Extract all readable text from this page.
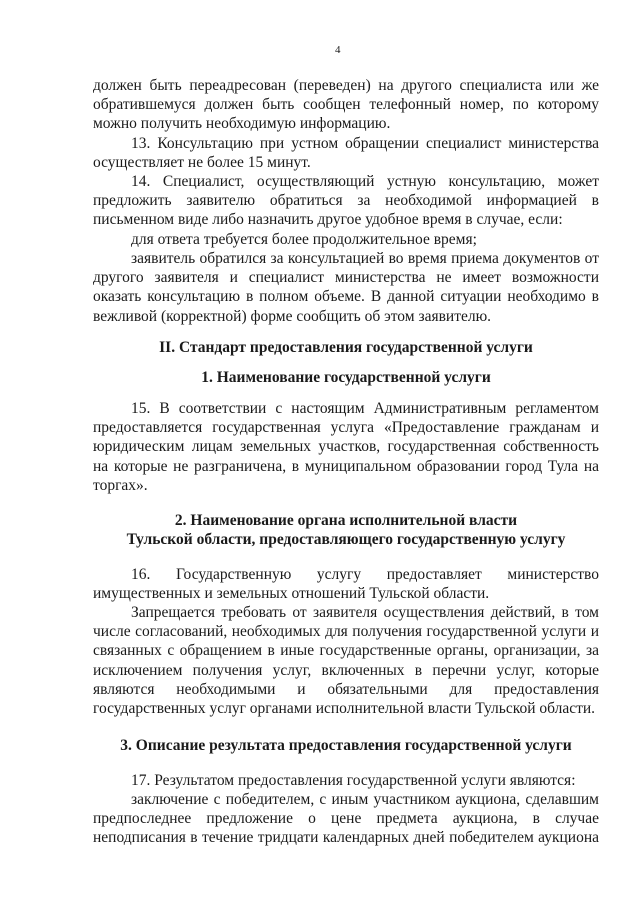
4

должен быть переадресован (переведен) на другого специалиста или же обратившемуся должен быть сообщен телефонный номер, по которому можно получить необходимую информацию.

13. Консультацию при устном обращении специалист министерства осуществляет не более 15 минут.

14. Специалист, осуществляющий устную консультацию, может предложить заявителю обратиться за необходимой информацией в письменном виде либо назначить другое удобное время в случае, если:

для ответа требуется более продолжительное время;

заявитель обратился за консультацией во время приема документов от другого заявителя и специалист министерства не имеет возможности оказать консультацию в полном объеме. В данной ситуации необходимо в вежливой (корректной) форме сообщить об этом заявителю.

II. Стандарт предоставления государственной услуги

1. Наименование государственной услуги

15. В соответствии с настоящим Административным регламентом предоставляется государственная услуга «Предоставление гражданам и юридическим лицам земельных участков, государственная собственность на которые не разграничена, в муниципальном образовании город Тула на торгах».

2. Наименование органа исполнительной власти

Тульской области, предоставляющего государственную услугу

16. Государственную услугу предоставляет министерство имущественных и земельных отношений Тульской области.

Запрещается требовать от заявителя осуществления действий, в том числе согласований, необходимых для получения государственной услуги и связанных с обращением в иные государственные органы, организации, за исключением получения услуг, включенных в перечни услуг, которые являются необходимыми и обязательными для предоставления государственных услуг органами исполнительной власти Тульской области.

3. Описание результата предоставления государственной услуги

17. Результатом предоставления государственной услуги являются:

заключение с победителем, с иным участником аукциона, сделавшим предпоследнее предложение о цене предмета аукциона, в случае неподписания в течение тридцати календарных дней победителем аукциона
